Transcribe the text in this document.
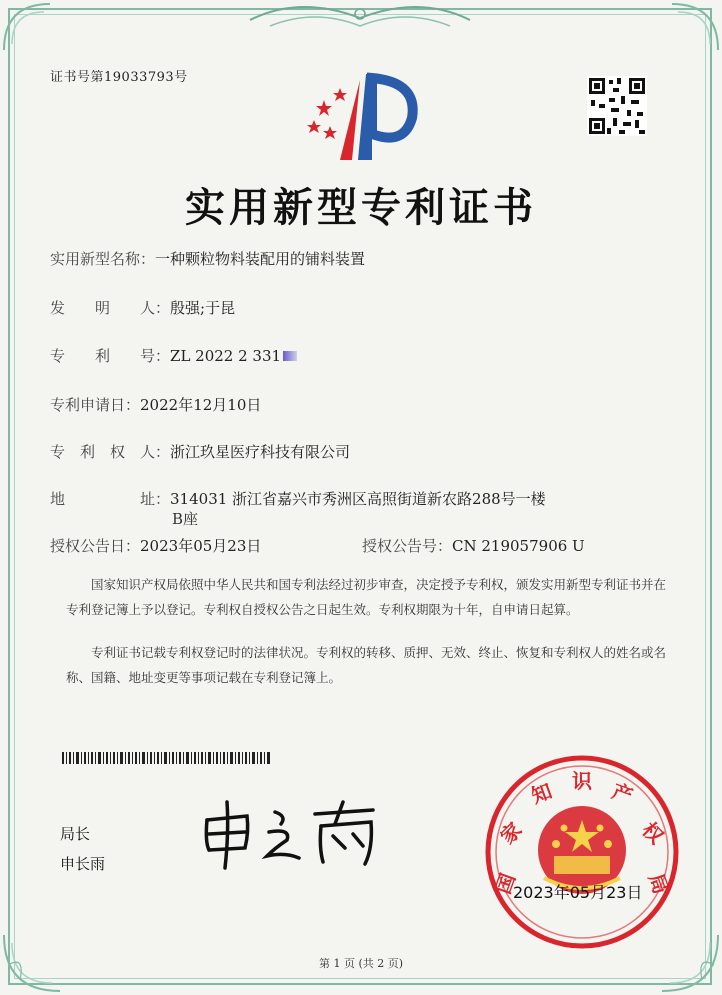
证书号第19033793号
实用新型专利证书
实用新型名称：一种颗粒物料装配用的铺料装置
发　　明　　人：殷强;于昆
专　　利　　号：ZL 2022 2 331
专利申请日：2022年12月10日
专　利　权　人：浙江玖星医疗科技有限公司
地　　　　　址：314031 浙江省嘉兴市秀洲区高照街道新农路288号一楼
B座
授权公告日：2023年05月23日	授权公告号：CN 219057906 U
国家知识产权局依照中华人民共和国专利法经过初步审查，决定授予专利权，颁发实用新型专利证书并在专利登记簿上予以登记。专利权自授权公告之日起生效。专利权期限为十年，自申请日起算。
专利证书记载专利权登记时的法律状况。专利权的转移、质押、无效、终止、恢复和专利权人的姓名或名称、国籍、地址变更等事项记载在专利登记簿上。
局长
申长雨
国
家
知 识 产
权
局
2023年05月23日
第 1 页 (共 2 页)
